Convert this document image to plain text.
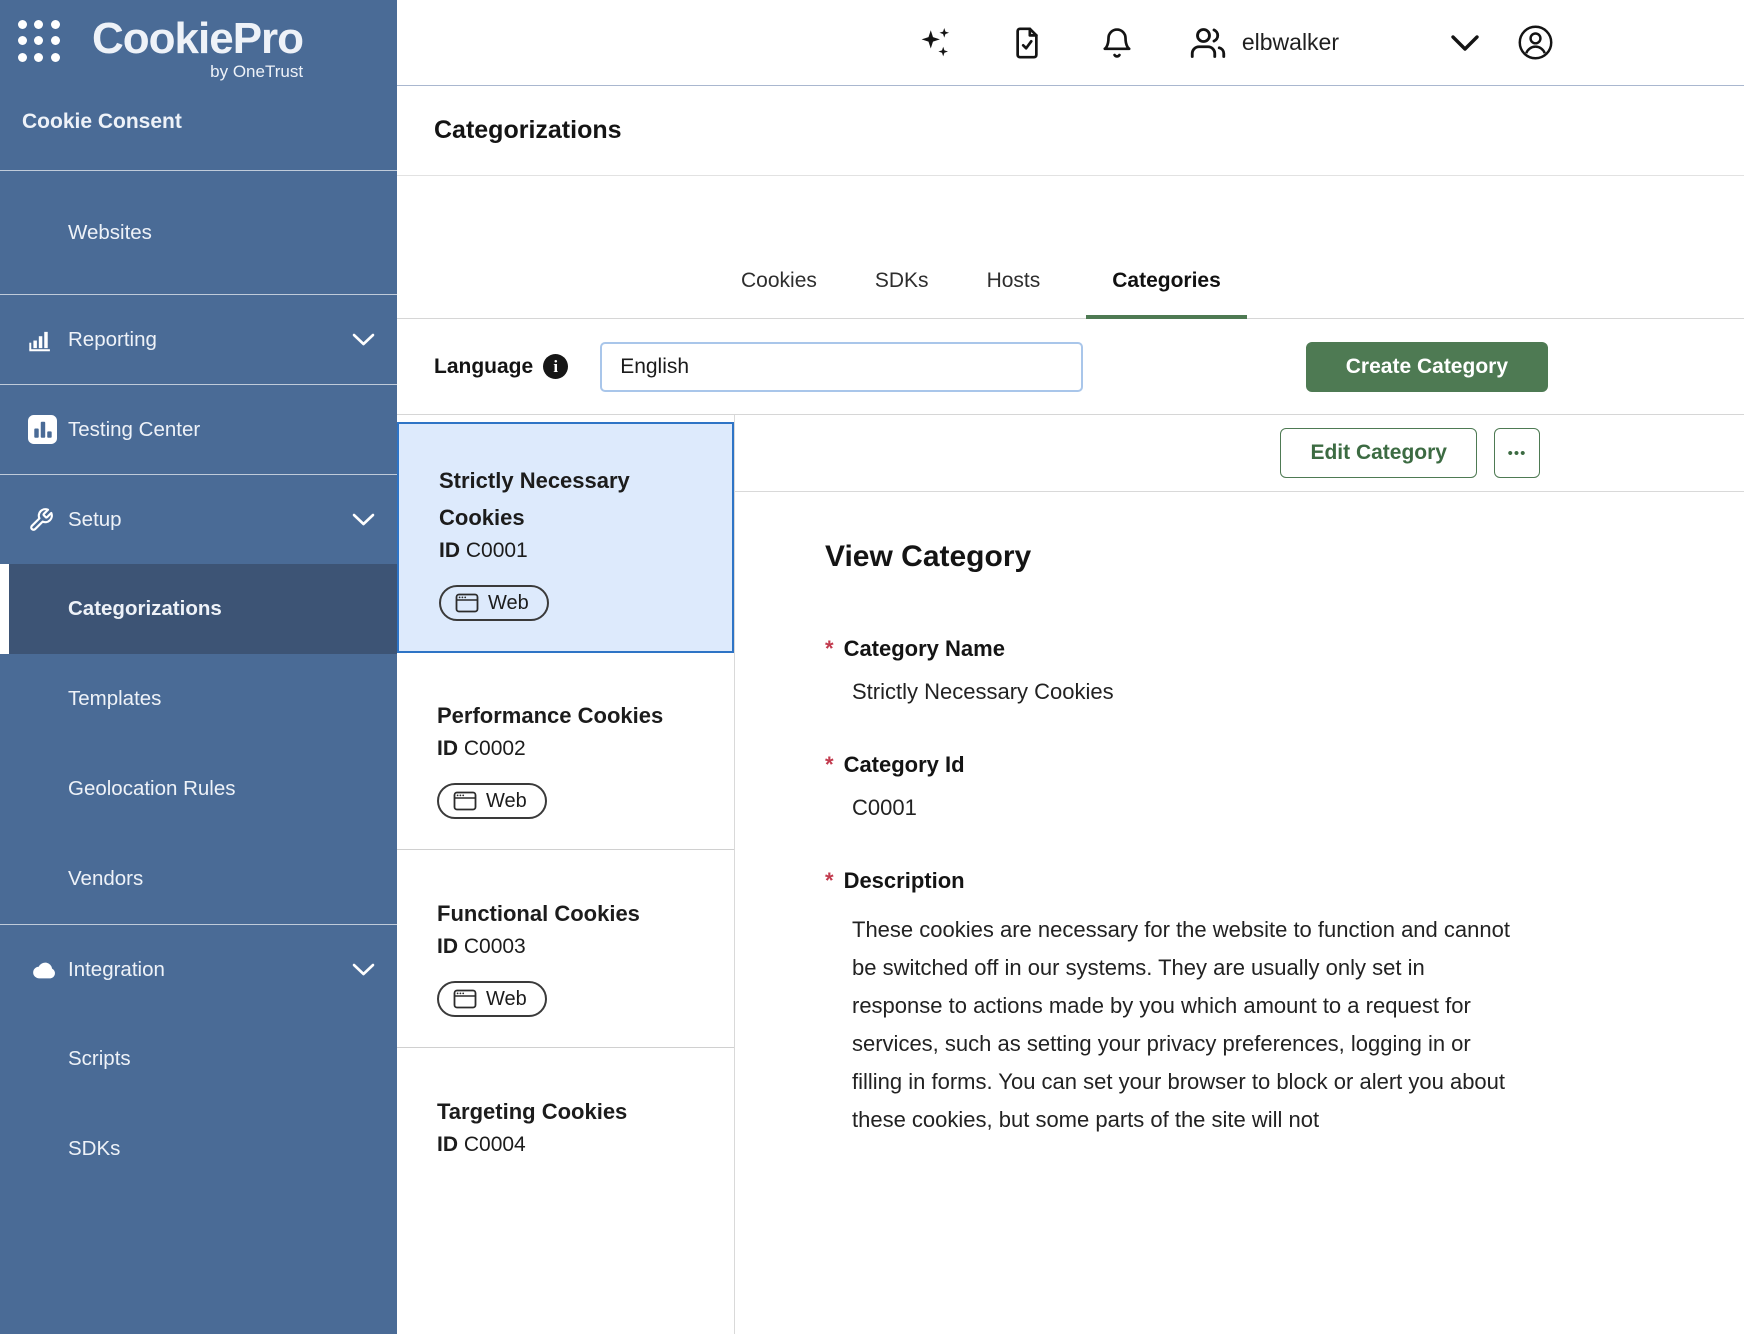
CookiePro
by OneTrust
Cookie Consent
Websites
Reporting
Testing Center
Setup
Categorizations
Templates
Geolocation Rules
Vendors
Integration
Scripts
SDKs
elbwalker
Categorizations
Cookies	SDKs	Hosts	Categories
Language	i
English	Create Category
Strictly Necessary Cookies
ID C0001
Web
Performance Cookies
ID C0002
Web
Functional Cookies
ID C0003
Web
Targeting Cookies
ID C0004
Edit Category	•••
View Category
* Category Name
Strictly Necessary Cookies
* Category Id
C0001
* Description
These cookies are necessary for the website to function and cannot be switched off in our systems. They are usually only set in response to actions made by you which amount to a request for services, such as setting your privacy preferences, logging in or filling in forms. You can set your browser to block or alert you about these cookies, but some parts of the site will not
